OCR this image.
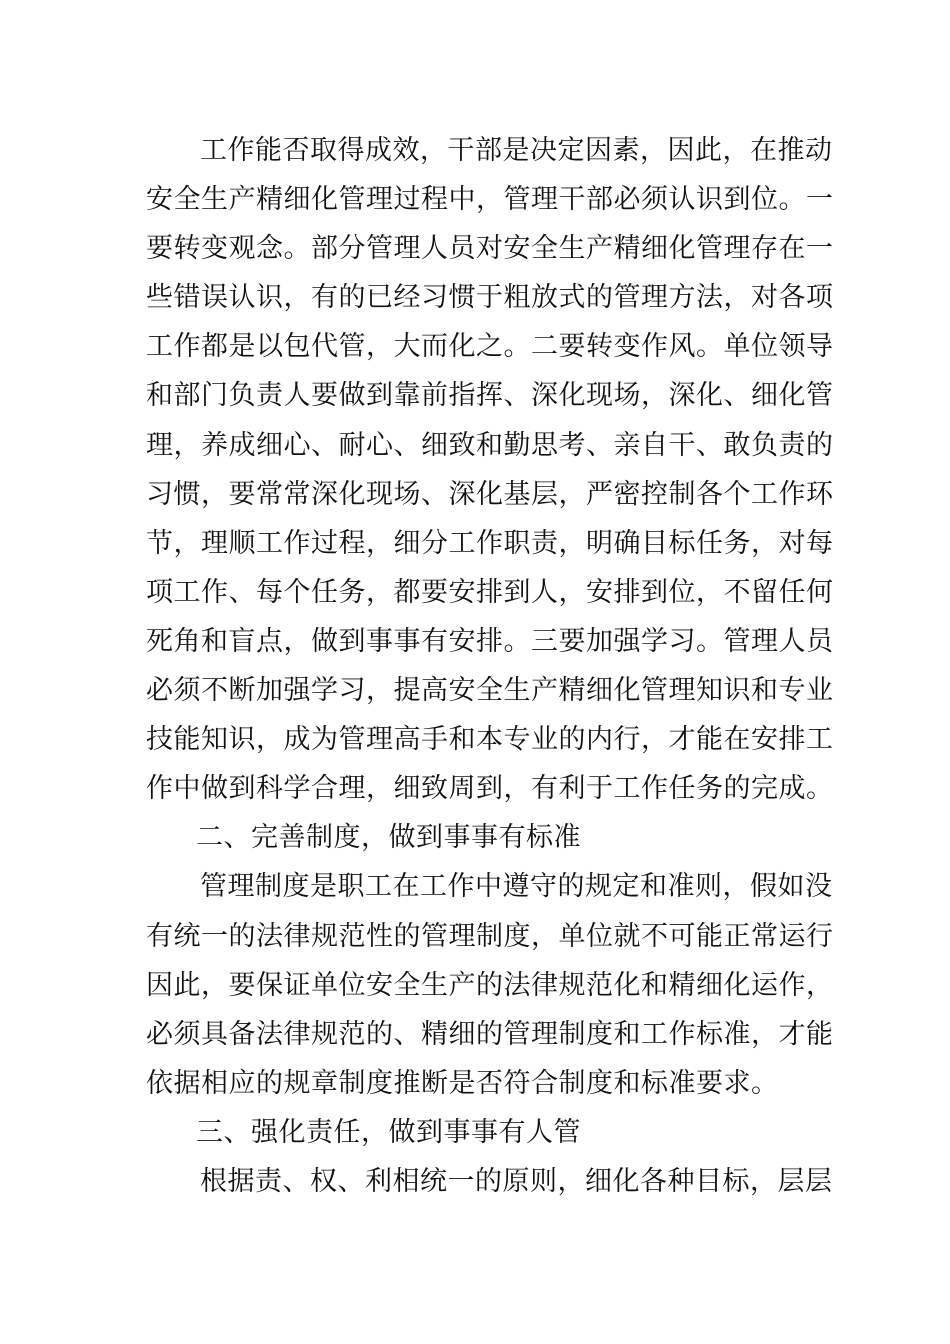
工作能否取得成效，干部是决定因素，因此，在推动
安全生产精细化管理过程中，管理干部必须认识到位。一
要转变观念。部分管理人员对安全生产精细化管理存在一
些错误认识，有的已经习惯于粗放式的管理方法，对各项
工作都是以包代管，大而化之。二要转变作风。单位领导
和部门负责人要做到靠前指挥、深化现场，深化、细化管
理，养成细心、耐心、细致和勤思考、亲自干、敢负责的
习惯，要常常深化现场、深化基层，严密控制各个工作环
节，理顺工作过程，细分工作职责，明确目标任务，对每
项工作、每个任务，都要安排到人，安排到位，不留任何
死角和盲点，做到事事有安排。三要加强学习。管理人员
必须不断加强学习，提高安全生产精细化管理知识和专业
技能知识，成为管理高手和本专业的内行，才能在安排工
作中做到科学合理，细致周到，有利于工作任务的完成。
二、完善制度，做到事事有标准
管理制度是职工在工作中遵守的规定和准则，假如没
有统一的法律规范性的管理制度，单位就不可能正常运行
因此，要保证单位安全生产的法律规范化和精细化运作，
必须具备法律规范的、精细的管理制度和工作标准，才能
依据相应的规章制度推断是否符合制度和标准要求。
三、强化责任，做到事事有人管
根据责、权、利相统一的原则，细化各种目标，层层
